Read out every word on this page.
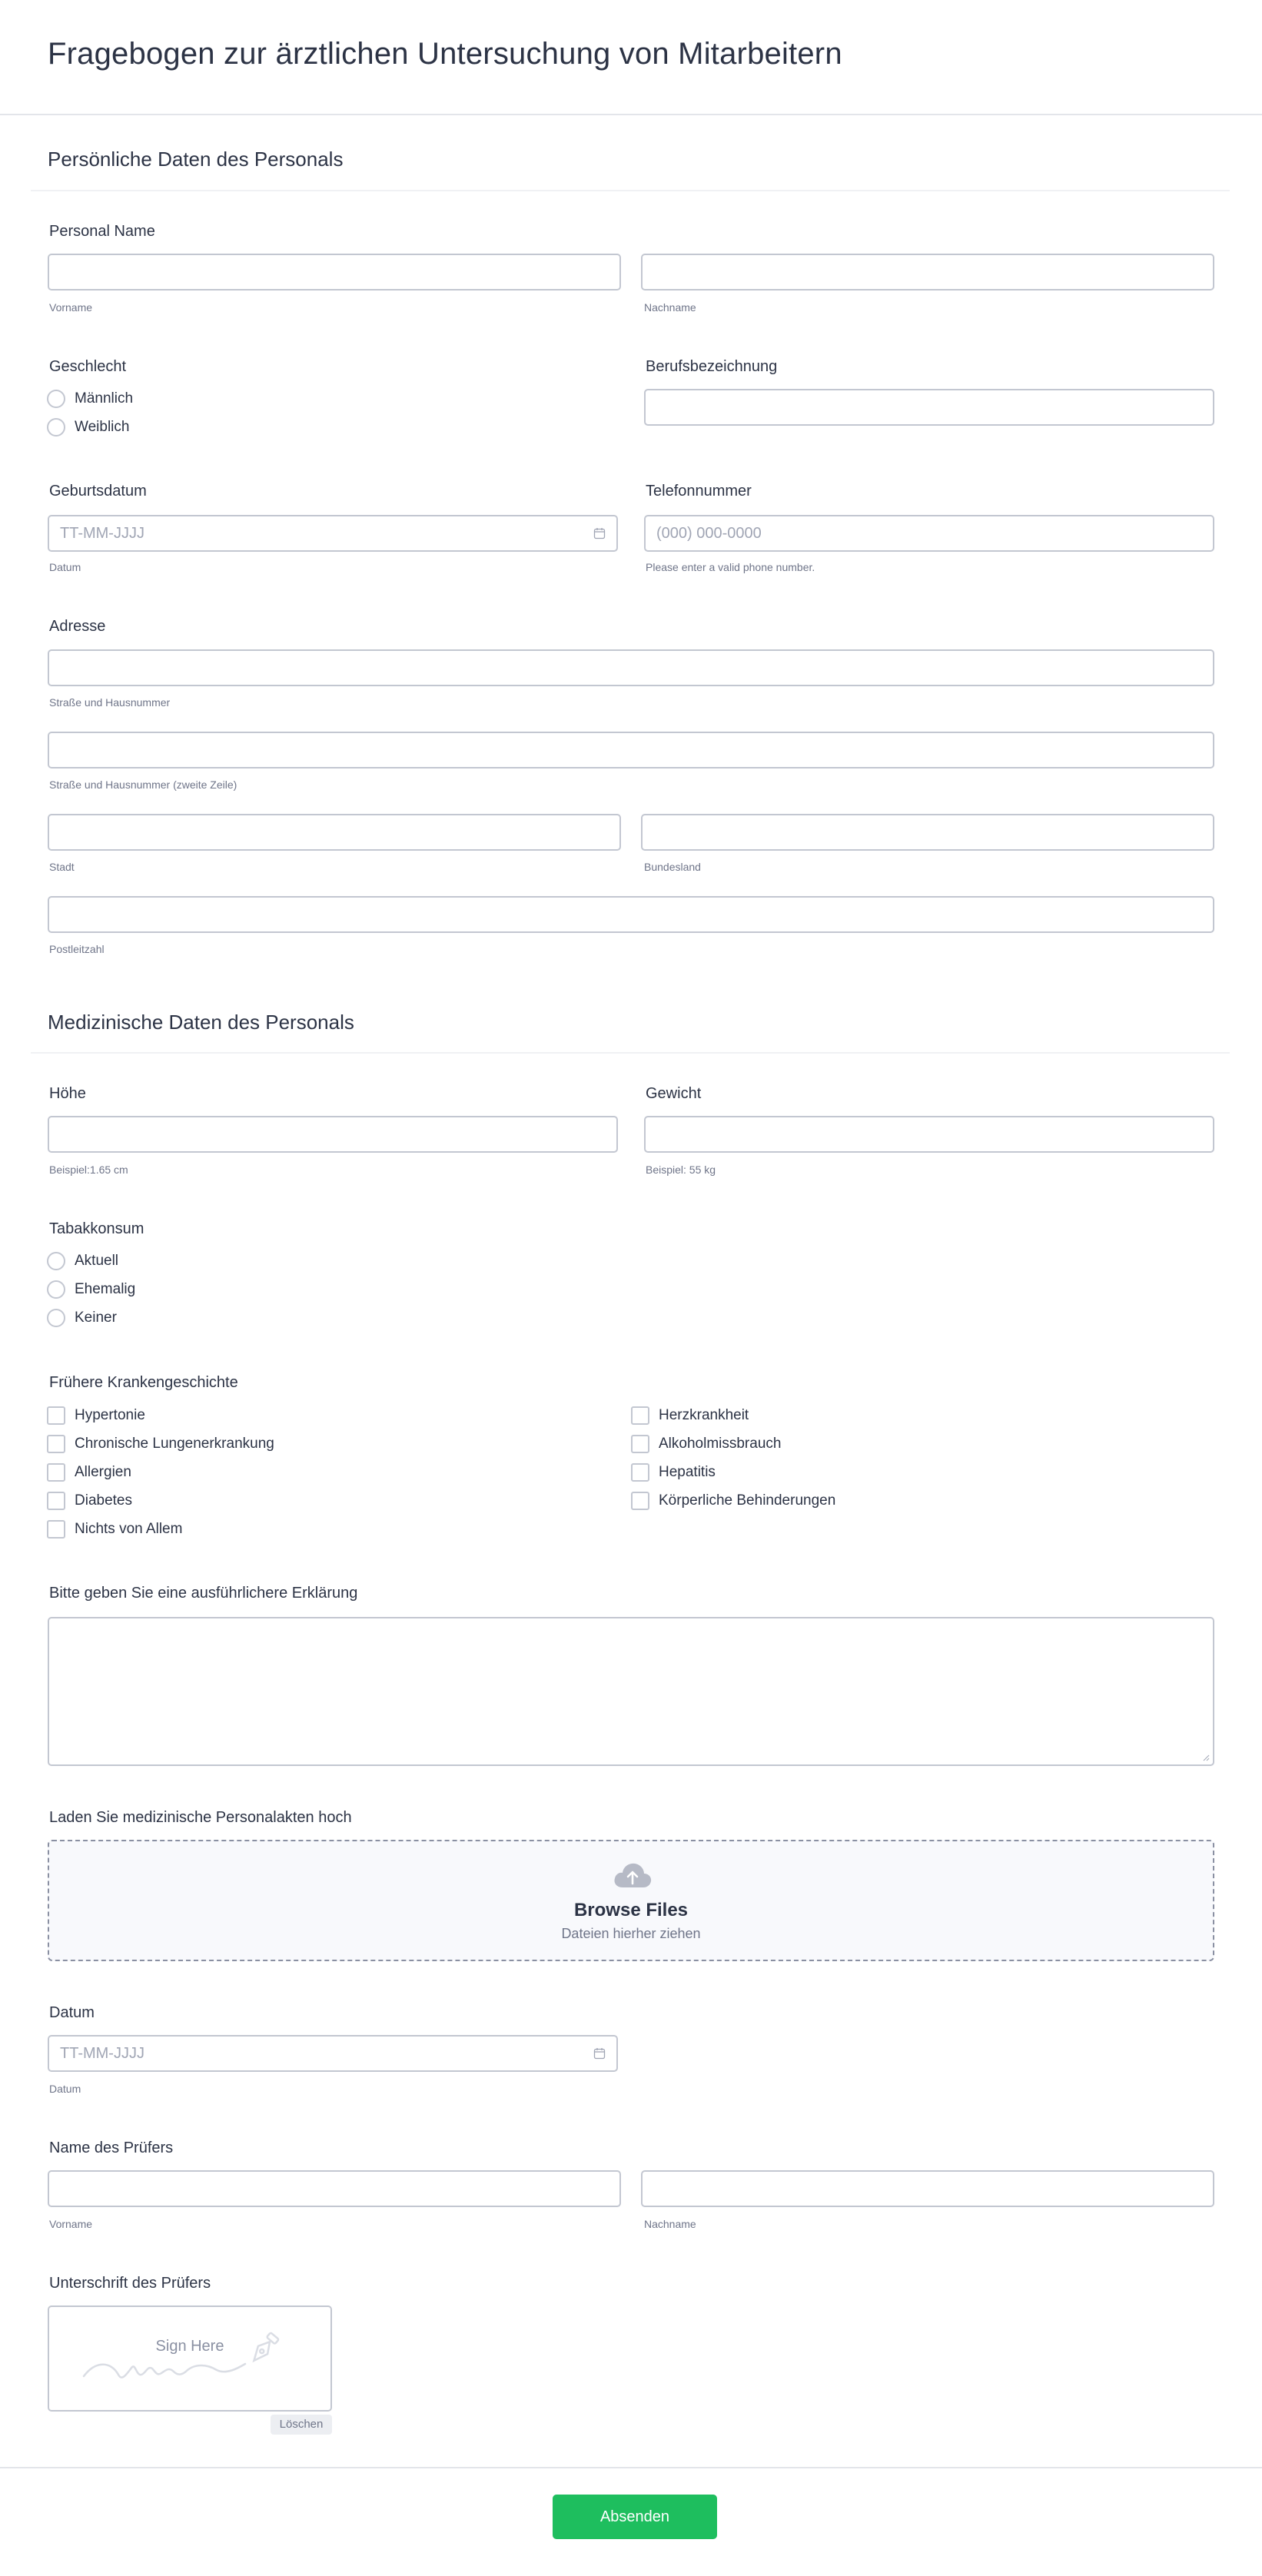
Fragebogen zur ärztlichen Untersuchung von Mitarbeitern
Persönliche Daten des Personals
Personal Name
Vorname	Nachname
Geschlecht
Männlich
Weiblich
Berufsbezeichnung
Geburtsdatum
TT-MM-JJJJ
Datum
Telefonnummer
(000) 000-0000
Please enter a valid phone number.
Adresse
Straße und Hausnummer
Straße und Hausnummer (zweite Zeile)
Stadt	Bundesland
Postleitzahl
Medizinische Daten des Personals
Höhe
Beispiel:1.65 cm
Gewicht
Beispiel: 55 kg
Tabakkonsum
Aktuell
Ehemalig
Keiner
Frühere Krankengeschichte
Hypertonie
Chronische Lungenerkrankung
Allergien
Diabetes
Nichts von Allem
Herzkrankheit
Alkoholmissbrauch
Hepatitis
Körperliche Behinderungen
Bitte geben Sie eine ausführlichere Erklärung
Laden Sie medizinische Personalakten hoch
Browse Files
Dateien hierher ziehen
Datum
TT-MM-JJJJ
Datum
Name des Prüfers
Vorname	Nachname
Unterschrift des Prüfers
Sign Here
Löschen
Absenden
